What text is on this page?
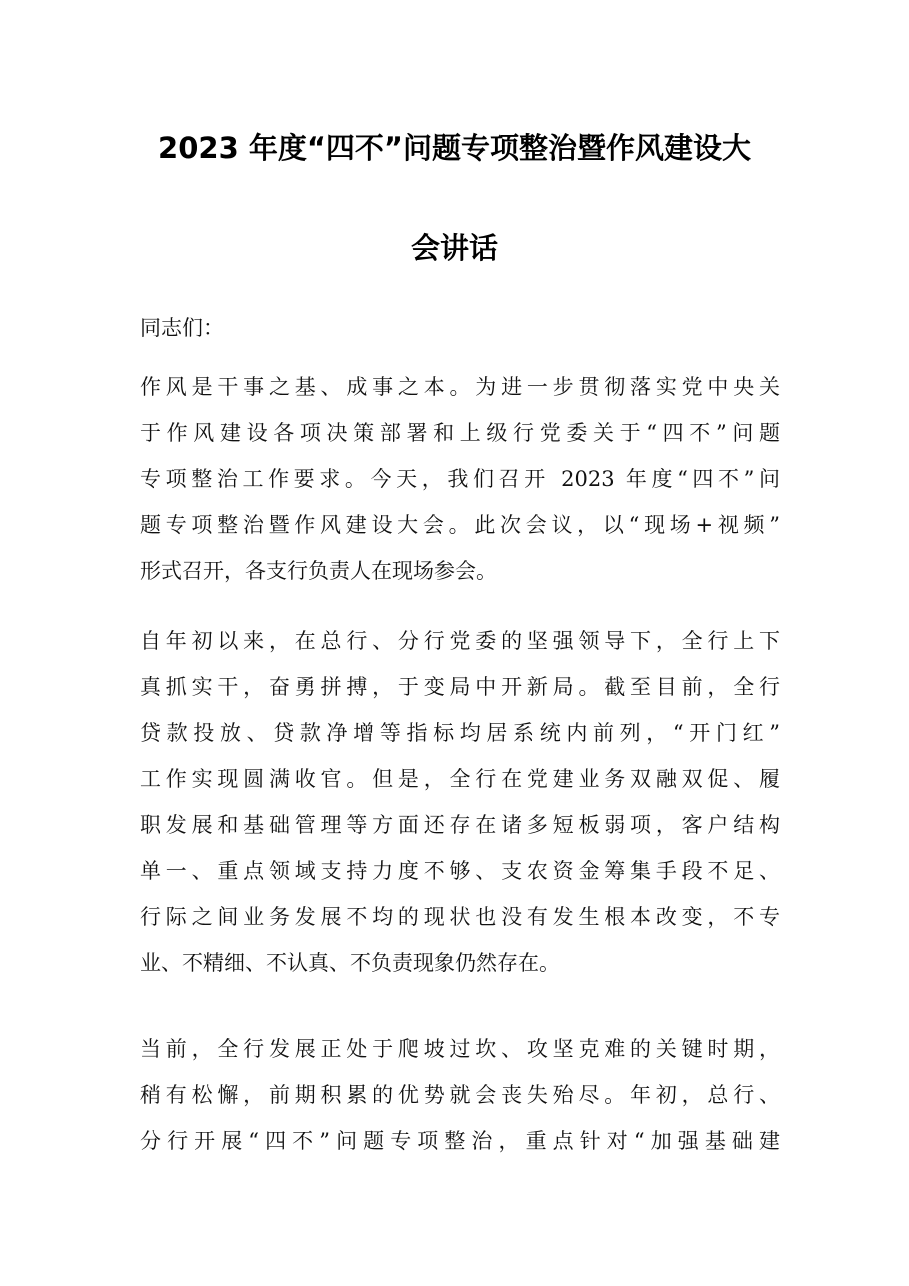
2023 年度“四不”问题专项整治暨作风建设大
会讲话
同志们：
作风是干事之基、成事之本。为进一步贯彻落实党中央关
于作风建设各项决策部署和上级行党委关于“四不”问题
专项整治工作要求。今天，我们召开 2023 年度“四不”问
题专项整治暨作风建设大会。此次会议，以“现场+视频”
形式召开，各支行负责人在现场参会。
自年初以来，在总行、分行党委的坚强领导下，全行上下
真抓实干，奋勇拼搏，于变局中开新局。截至目前，全行
贷款投放、贷款净增等指标均居系统内前列，“开门红”
工作实现圆满收官。但是，全行在党建业务双融双促、履
职发展和基础管理等方面还存在诸多短板弱项，客户结构
单一、重点领域支持力度不够、支农资金筹集手段不足、
行际之间业务发展不均的现状也没有发生根本改变，不专
业、不精细、不认真、不负责现象仍然存在。
当前，全行发展正处于爬坡过坎、攻坚克难的关键时期，
稍有松懈，前期积累的优势就会丧失殆尽。年初，总行、
分行开展“四不”问题专项整治，重点针对“加强基础建
